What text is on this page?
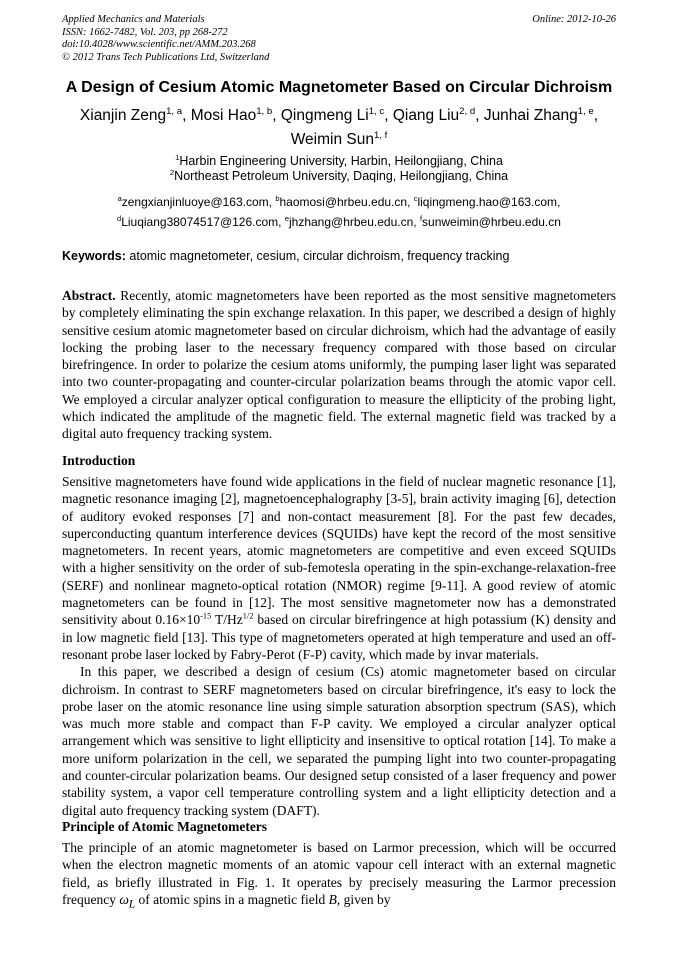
Applied Mechanics and Materials
ISSN: 1662-7482, Vol. 203, pp 268-272
doi:10.4028/www.scientific.net/AMM.203.268
© 2012 Trans Tech Publications Ltd, Switzerland
Online: 2012-10-26
A Design of Cesium Atomic Magnetometer Based on Circular Dichroism
Xianjin Zeng$^{1, a}$, Mosi Hao$^{1, b}$, Qingmeng Li$^{1, c}$, Qiang Liu$^{2, d}$, Junhai Zhang$^{1, e}$,
Weimin Sun$^{1, f}$
$^1$Harbin Engineering University, Harbin, Heilongjiang, China
$^2$Northeast Petroleum University, Daqing, Heilongjiang, China
$^a$zengxianjinluoye@163.com, $^b$haomosi@hrbeu.edu.cn, $^c$liqingmeng.hao@163.com,
$^d$Liuqiang38074517@126.com, $^e$jhzhang@hrbeu.edu.cn, $^f$sunweimin@hrbeu.edu.cn
Keywords: atomic magnetometer, cesium, circular dichroism, frequency tracking

Abstract. Recently, atomic magnetometers have been reported as the most sensitive magnetometers by completely eliminating the spin exchange relaxation. In this paper, we described a design of highly sensitive cesium atomic magnetometer based on circular dichroism, which had the advantage of easily locking the probing laser to the necessary frequency compared with those based on circular birefringence. In order to polarize the cesium atoms uniformly, the pumping laser light was separated into two counter-propagating and counter-circular polarization beams through the atomic vapor cell. We employed a circular analyzer optical configuration to measure the ellipticity of the probing light, which indicated the amplitude of the magnetic field. The external magnetic field was tracked by a digital auto frequency tracking system.

Introduction

Sensitive magnetometers have found wide applications in the field of nuclear magnetic resonance [1], magnetic resonance imaging [2], magnetoencephalography [3-5], brain activity imaging [6], detection of auditory evoked responses [7] and non-contact measurement [8]. For the past few decades, superconducting quantum interference devices (SQUIDs) have kept the record of the most sensitive magnetometers. In recent years, atomic magnetometers are competitive and even exceed SQUIDs with a higher sensitivity on the order of sub-femotesla operating in the spin-exchange-relaxation-free (SERF) and nonlinear magneto-optical rotation (NMOR) regime [9-11]. A good review of atomic magnetometers can be found in [12]. The most sensitive magnetometer now has a demonstrated sensitivity about $0.16\times 10^{-15}$ $T/Hz^{1/2}$ based on circular birefringence at high potassium (K) density and in low magnetic field [13]. This type of magnetometers operated at high temperature and used an off-resonant probe laser locked by Fabry-Perot (F-P) cavity, which made by invar materials.

In this paper, we described a design of cesium (Cs) atomic magnetometer based on circular dichroism. In contrast to SERF magnetometers based on circular birefringence, it's easy to lock the probe laser on the atomic resonance line using simple saturation absorption spectrum (SAS), which was much more stable and compact than F-P cavity. We employed a circular analyzer optical arrangement which was sensitive to light ellipticity and insensitive to optical rotation [14]. To make a more uniform polarization in the cell, we separated the pumping light into two counter-propagating and counter-circular polarization beams. Our designed setup consisted of a laser frequency and power stability system, a vapor cell temperature controlling system and a light ellipticity detection and a digital auto frequency tracking system (DAFT).

Principle of Atomic Magnetometers

The principle of an atomic magnetometer is based on Larmor precession, which will be occurred when the electron magnetic moments of an atomic vapour cell interact with an external magnetic field, as briefly illustrated in Fig. 1. It operates by precisely measuring the Larmor precession frequency $\omega_L$ of atomic spins in a magnetic field B, given by
